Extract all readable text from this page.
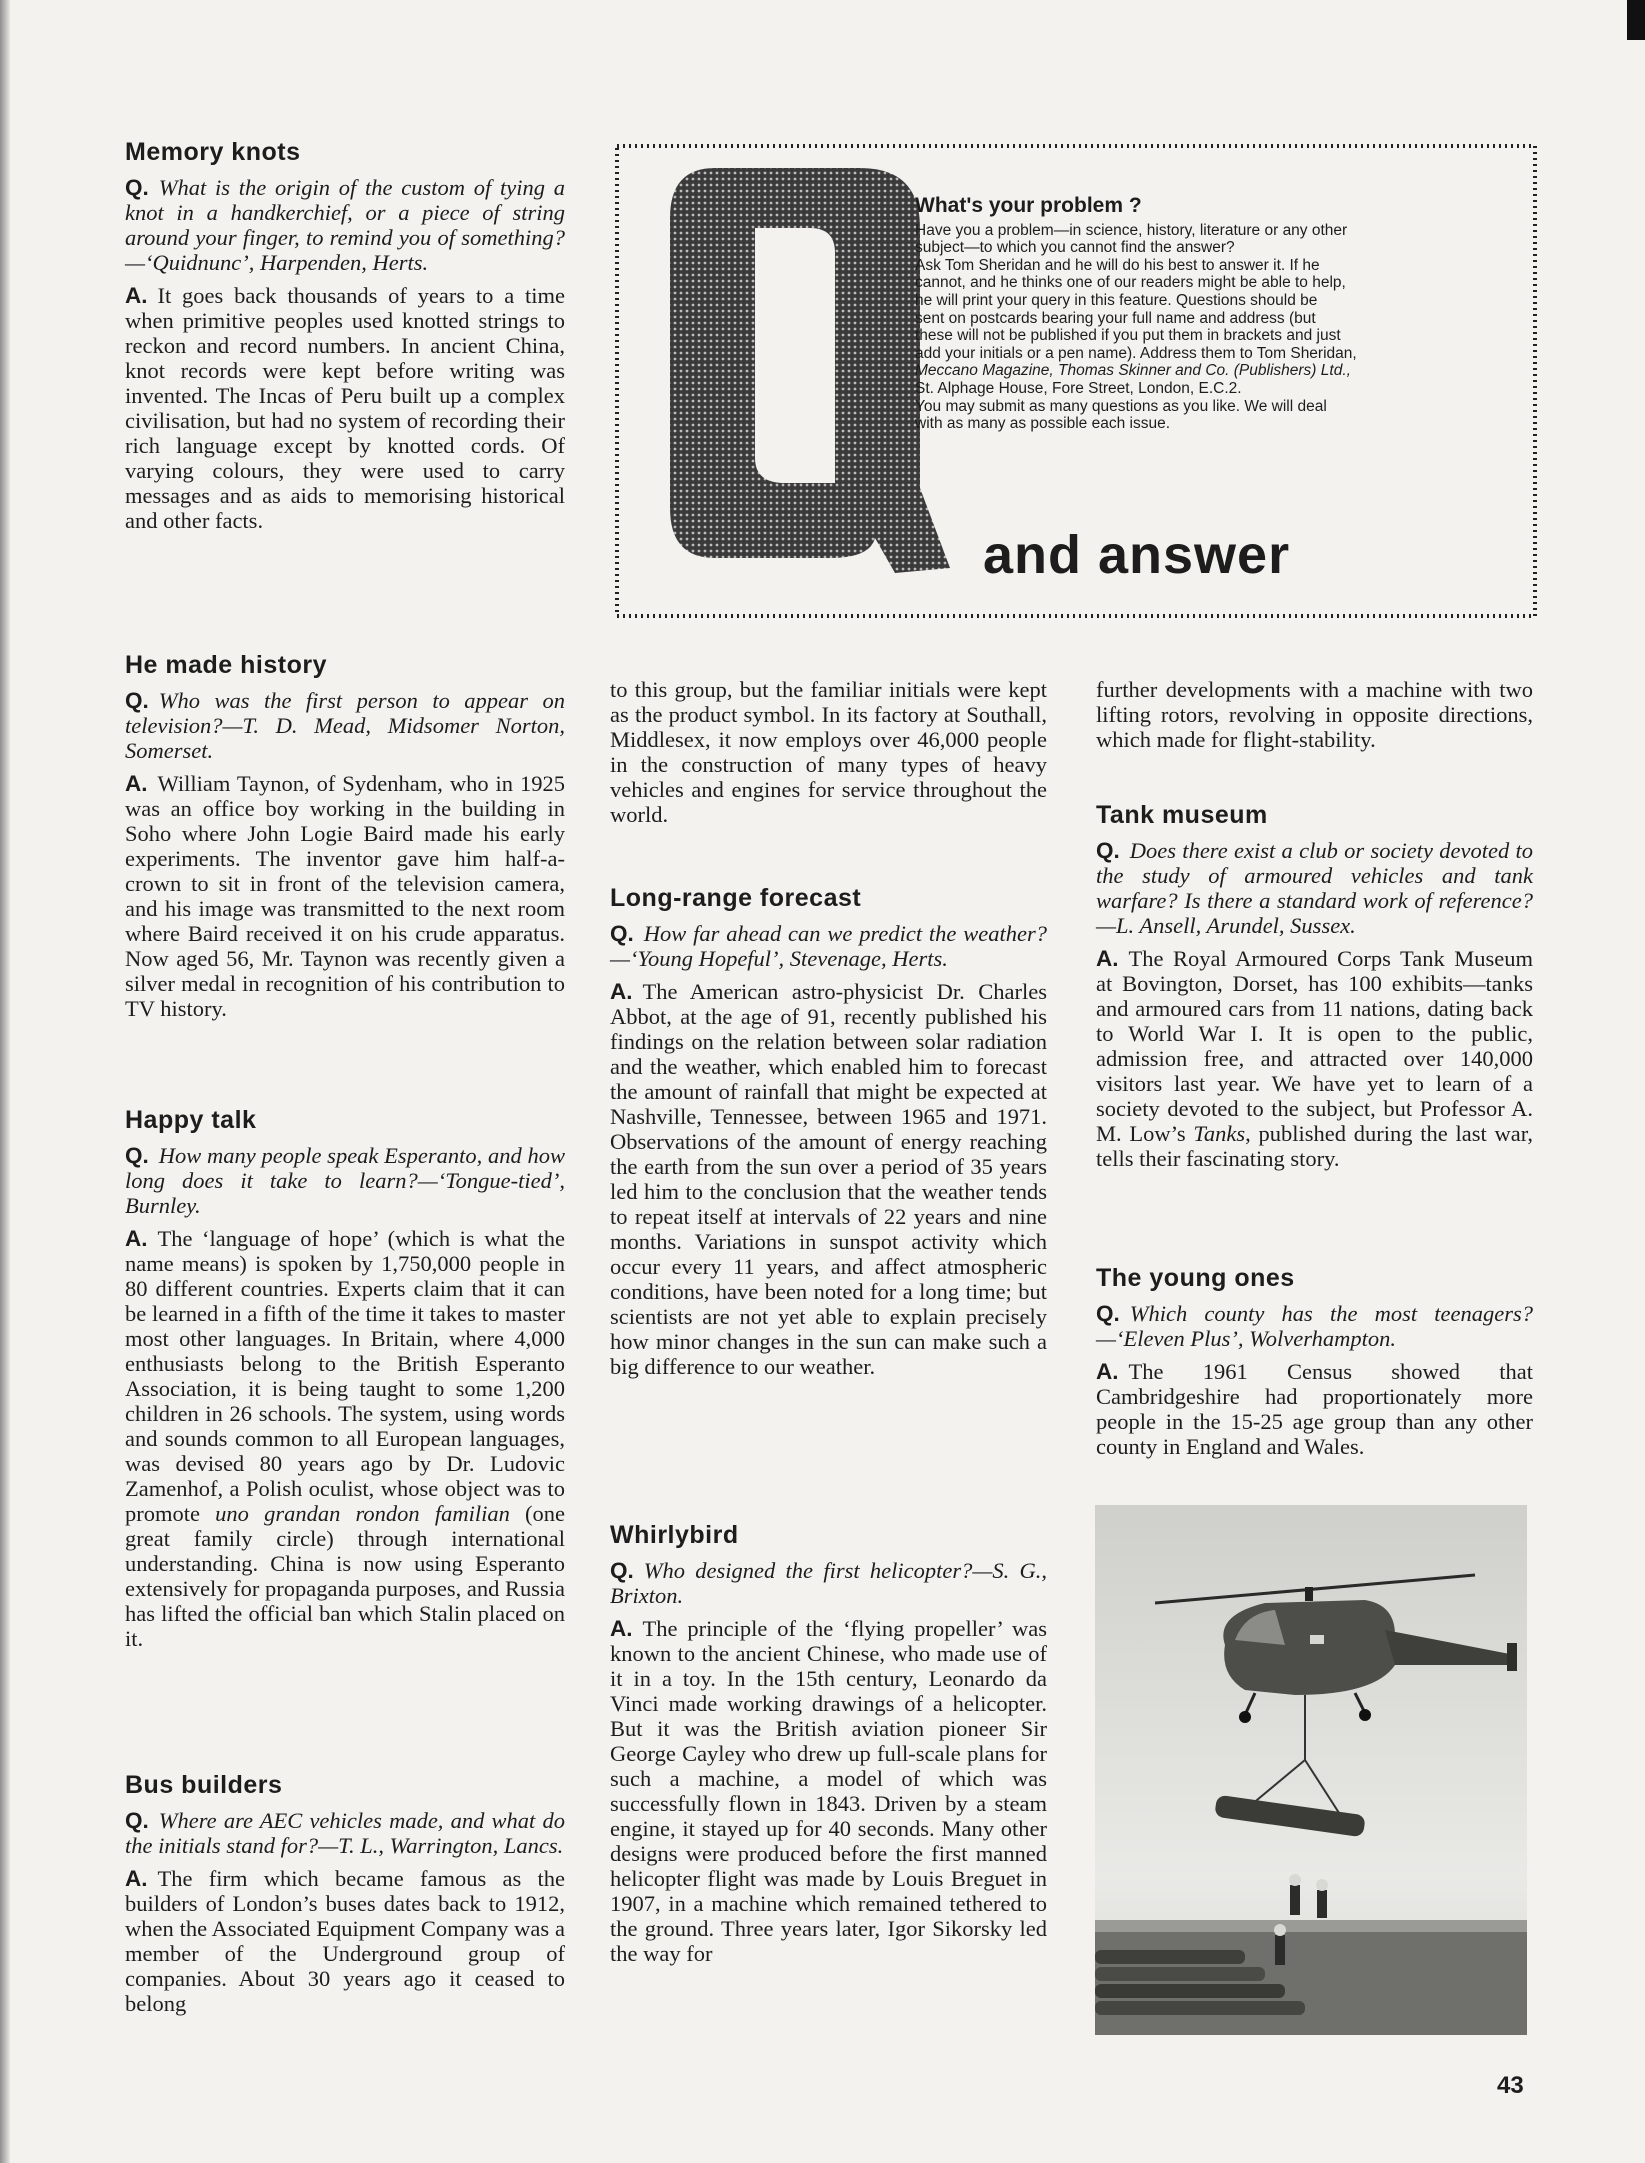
What's your problem ?
Have you a problem—in science, history, literature or any other
subject—to which you cannot find the answer?
Ask Tom Sheridan and he will do his best to answer it. If he
cannot, and he thinks one of our readers might be able to help,
he will print your query in this feature. Questions should be
sent on postcards bearing your full name and address (but
these will not be published if you put them in brackets and just
add your initials or a pen name). Address them to Tom Sheridan,
Meccano Magazine, Thomas Skinner and Co. (Publishers) Ltd.,
St. Alphage House, Fore Street, London, E.C.2.
You may submit as many questions as you like. We will deal
with as many as possible each issue.
and answer
Memory knots

Q. What is the origin of the custom of tying a knot in a handkerchief, or a piece of string around your finger, to remind you of something?—‘Quidnunc’, Harpenden, Herts.

A. It goes back thousands of years to a time when primitive peoples used knotted strings to reckon and record numbers. In ancient China, knot records were kept before writing was invented. The Incas of Peru built up a complex civilisation, but had no system of recording their rich language except by knotted cords. Of varying colours, they were used to carry messages and as aids to memorising historical and other facts.

He made history

Q. Who was the first person to appear on television?—T. D. Mead, Midsomer Norton, Somerset.

A. William Taynon, of Sydenham, who in 1925 was an office boy working in the building in Soho where John Logie Baird made his early experiments. The inventor gave him half-a-crown to sit in front of the television camera, and his image was transmitted to the next room where Baird received it on his crude apparatus. Now aged 56, Mr. Taynon was recently given a silver medal in recognition of his contribution to TV history.

Happy talk

Q. How many people speak Esperanto, and how long does it take to learn?—‘Tongue-tied’, Burnley.

A. The ‘language of hope’ (which is what the name means) is spoken by 1,750,000 people in 80 different countries. Experts claim that it can be learned in a fifth of the time it takes to master most other languages. In Britain, where 4,000 enthusiasts belong to the British Esperanto Association, it is being taught to some 1,200 children in 26 schools. The system, using words and sounds common to all European languages, was devised 80 years ago by Dr. Ludovic Zamenhof, a Polish oculist, whose object was to promote uno grandan rondon familian (one great family circle) through international understanding. China is now using Esperanto extensively for propaganda purposes, and Russia has lifted the official ban which Stalin placed on it.

Bus builders

Q. Where are AEC vehicles made, and what do the initials stand for?—T. L., Warrington, Lancs.

A. The firm which became famous as the builders of London’s buses dates back to 1912, when the Associated Equipment Company was a member of the Underground group of companies. About 30 years ago it ceased to belong

to this group, but the familiar initials were kept as the product symbol. In its factory at Southall, Middlesex, it now employs over 46,000 people in the construction of many types of heavy vehicles and engines for service throughout the world.

Long-range forecast

Q. How far ahead can we predict the weather?—‘Young Hopeful’, Stevenage, Herts.

A. The American astro-physicist Dr. Charles Abbot, at the age of 91, recently published his findings on the relation between solar radiation and the weather, which enabled him to forecast the amount of rainfall that might be expected at Nashville, Tennessee, between 1965 and 1971. Observations of the amount of energy reaching the earth from the sun over a period of 35 years led him to the conclusion that the weather tends to repeat itself at intervals of 22 years and nine months. Variations in sunspot activity which occur every 11 years, and affect atmospheric conditions, have been noted for a long time; but scientists are not yet able to explain precisely how minor changes in the sun can make such a big difference to our weather.

Whirlybird

Q. Who designed the first helicopter?—S. G., Brixton.

A. The principle of the ‘flying propeller’ was known to the ancient Chinese, who made use of it in a toy. In the 15th century, Leonardo da Vinci made working drawings of a helicopter. But it was the British aviation pioneer Sir George Cayley who drew up full-scale plans for such a machine, a model of which was successfully flown in 1843. Driven by a steam engine, it stayed up for 40 seconds. Many other designs were produced before the first manned helicopter flight was made by Louis Breguet in 1907, in a machine which remained tethered to the ground. Three years later, Igor Sikorsky led the way for

further developments with a machine with two lifting rotors, revolving in opposite directions, which made for flight-stability.

Tank museum

Q. Does there exist a club or society devoted to the study of armoured vehicles and tank warfare? Is there a standard work of reference?—L. Ansell, Arundel, Sussex.

A. The Royal Armoured Corps Tank Museum at Bovington, Dorset, has 100 exhibits—tanks and armoured cars from 11 nations, dating back to World War I. It is open to the public, admission free, and attracted over 140,000 visitors last year. We have yet to learn of a society devoted to the subject, but Professor A. M. Low’s Tanks, published during the last war, tells their fascinating story.

The young ones

Q. Which county has the most teenagers?—‘Eleven Plus’, Wolverhampton.

A. The 1961 Census showed that Cambridgeshire had proportionately more people in the 15-25 age group than any other county in England and Wales.

43
